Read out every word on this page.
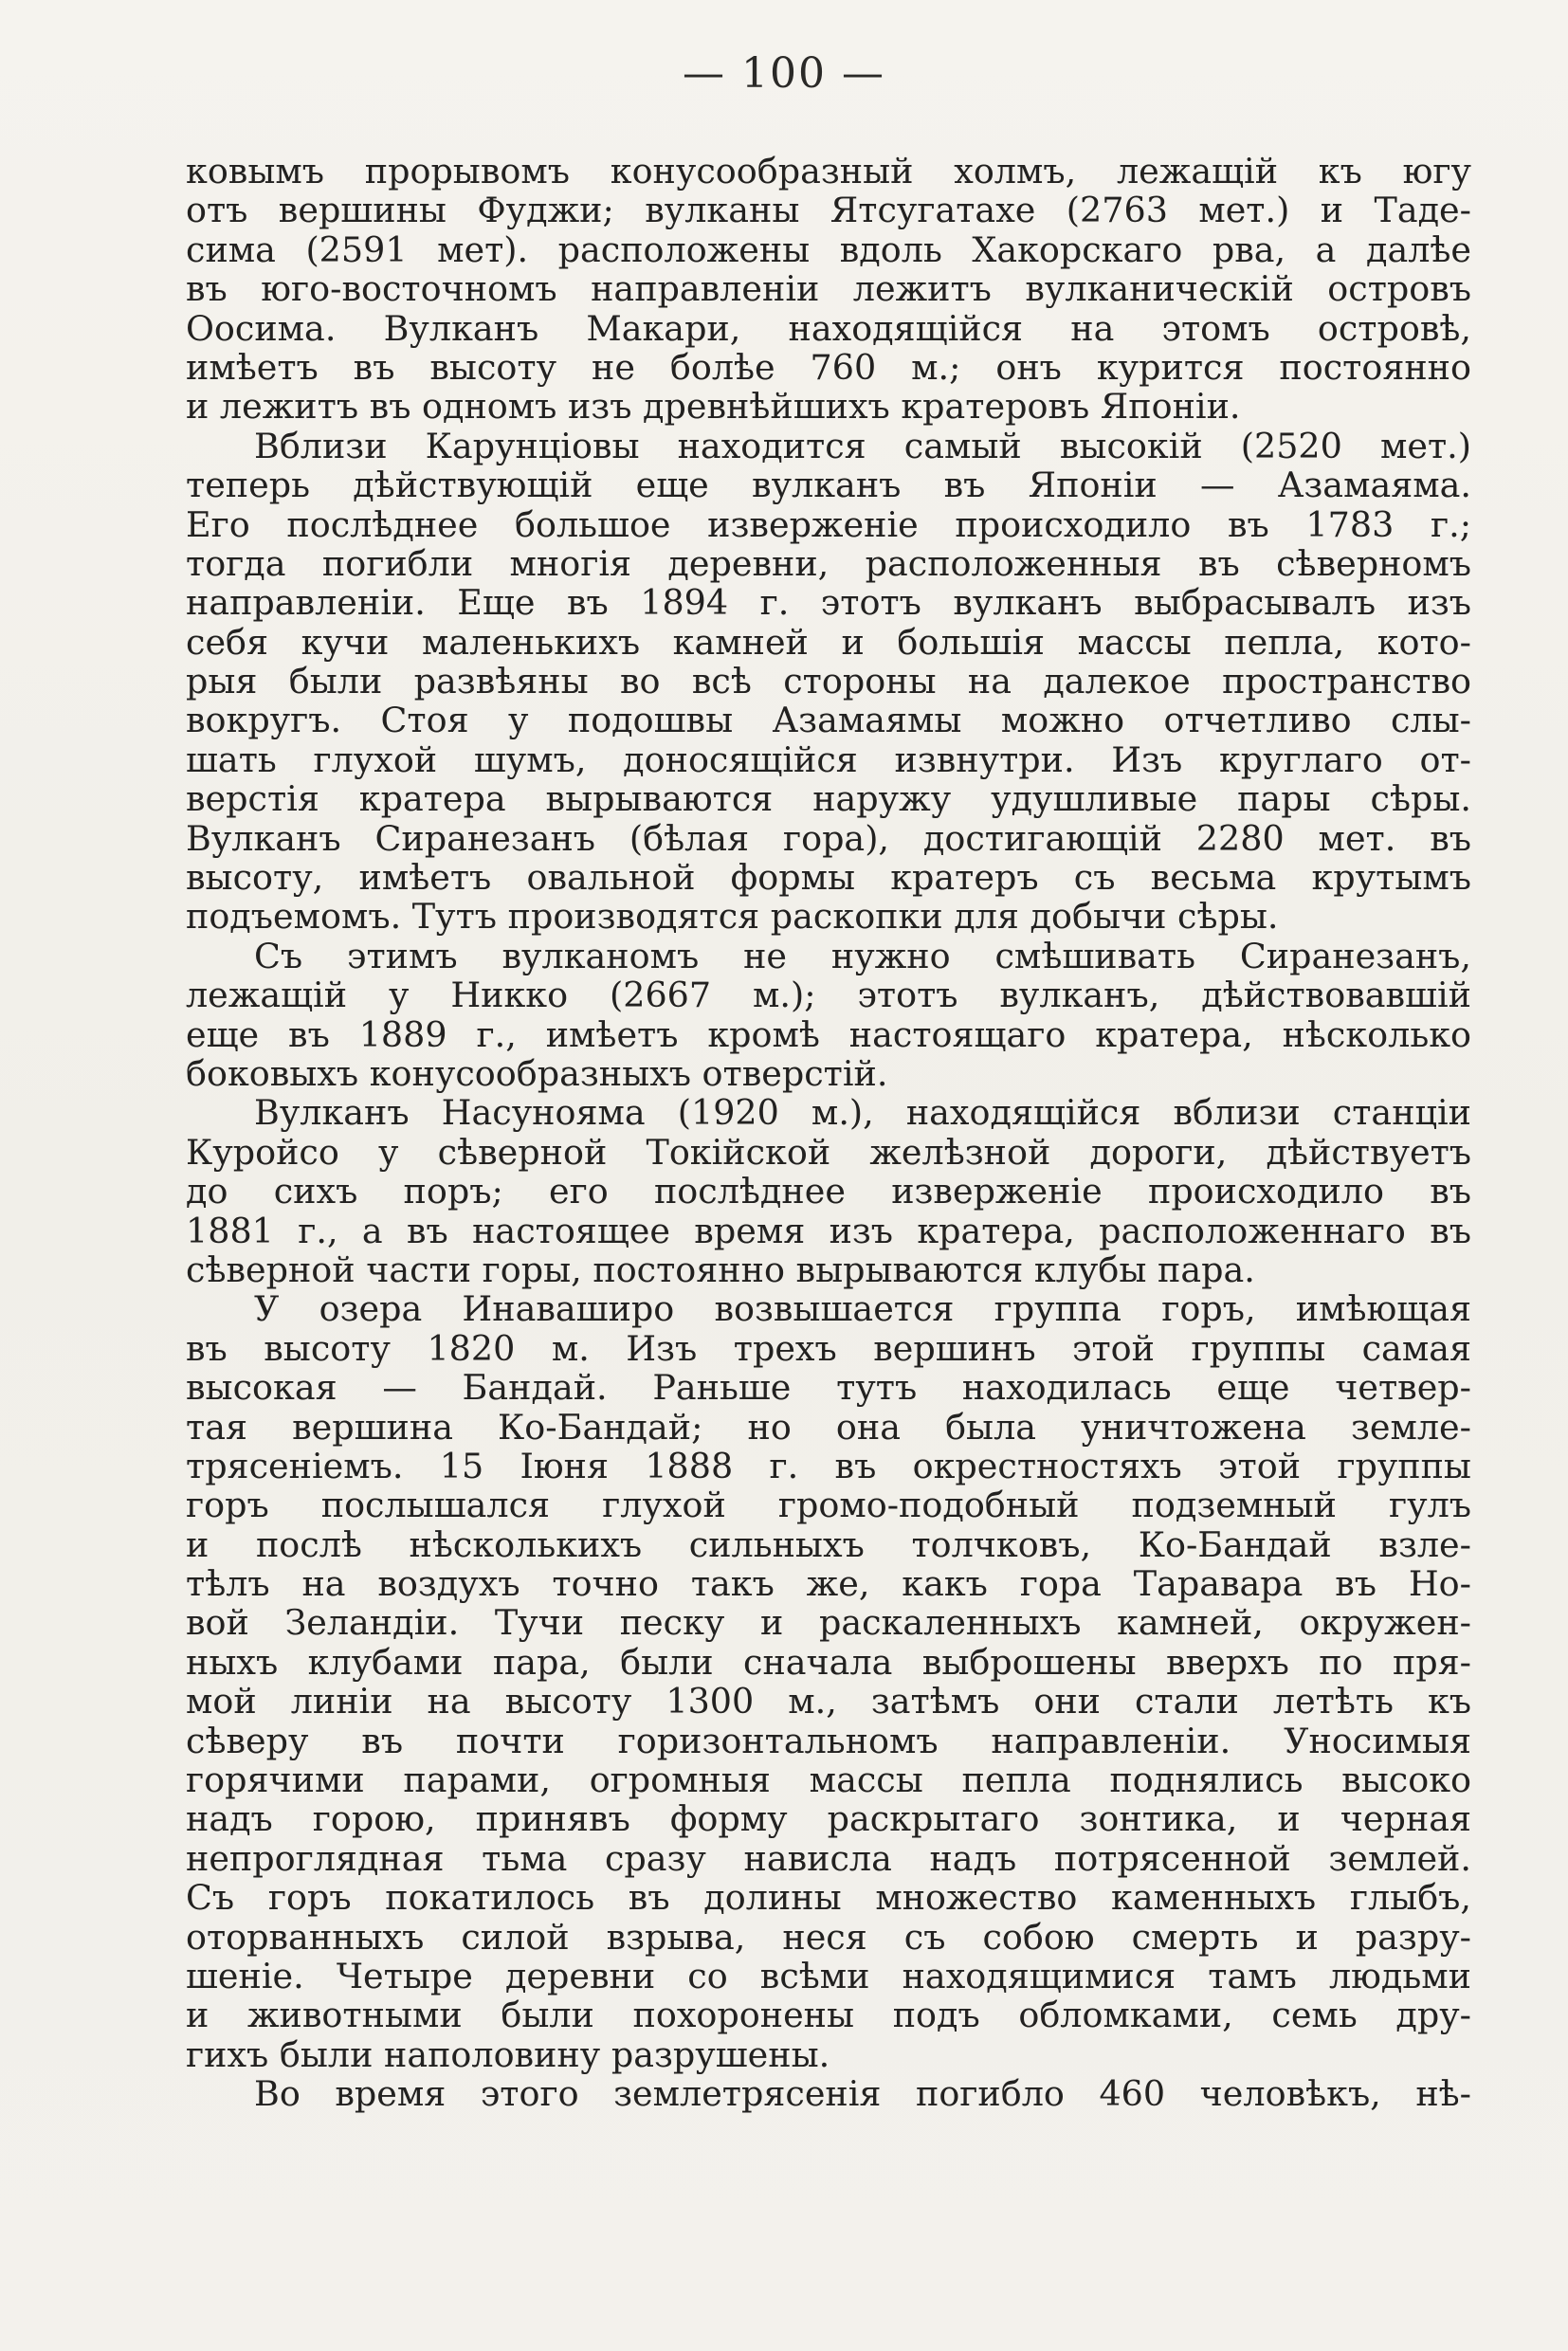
— 100 —
ковымъ прорывомъ конусообразный холмъ, лежащій къ югу
отъ вершины Фуджи; вулканы Ятсугатахе (2763 мет.) и Таде-
сима (2591 мет). расположены вдоль Хакорскаго рва, а далѣе
въ юго-восточномъ направленіи лежитъ вулканическій островъ
Оосима. Вулканъ Макари, находящійся на этомъ островѣ,
имѣетъ въ высоту не болѣе 760 м.; онъ курится постоянно
и лежитъ въ одномъ изъ древнѣйшихъ кратеровъ Японіи.
Вблизи Карунціовы находится самый высокій (2520 мет.)
теперь дѣйствующій еще вулканъ въ Японіи — Азамаяма.
Его послѣднее большое изверженіе происходило въ 1783 г.;
тогда погибли многія деревни, расположенныя въ сѣверномъ
направленіи. Еще въ 1894 г. этотъ вулканъ выбрасывалъ изъ
себя кучи маленькихъ камней и большія массы пепла, кото-
рыя были развѣяны во всѣ стороны на далекое пространство
вокругъ. Стоя у подошвы Азамаямы можно отчетливо слы-
шать глухой шумъ, доносящійся извнутри. Изъ круглаго от-
верстія кратера вырываются наружу удушливые пары сѣры.
Вулканъ Сиранезанъ (бѣлая гора), достигающій 2280 мет. въ
высоту, имѣетъ овальной формы кратеръ съ весьма крутымъ
подъемомъ. Тутъ производятся раскопки для добычи сѣры.
Съ этимъ вулканомъ не нужно смѣшивать Сиранезанъ,
лежащій у Никко (2667 м.); этотъ вулканъ, дѣйствовавшій
еще въ 1889 г., имѣетъ кромѣ настоящаго кратера, нѣсколько
боковыхъ конусообразныхъ отверстій.
Вулканъ Насунояма (1920 м.), находящійся вблизи станціи
Куройсо у сѣверной Токійской желѣзной дороги, дѣйствуетъ
до сихъ поръ; его послѣднее изверженіе происходило въ
1881 г., а въ настоящее время изъ кратера, расположеннаго въ
сѣверной части горы, постоянно вырываются клубы пара.
У озера Инаваширо возвышается группа горъ, имѣющая
въ высоту 1820 м. Изъ трехъ вершинъ этой группы самая
высокая — Бандай. Раньше тутъ находилась еще четвер-
тая вершина Ко-Бандай; но она была уничтожена земле-
трясеніемъ. 15 Іюня 1888 г. въ окрестностяхъ этой группы
горъ послышался глухой громо-подобный подземный гулъ
и послѣ нѣсколькихъ сильныхъ толчковъ, Ко-Бандай взле-
тѣлъ на воздухъ точно такъ же, какъ гора Таравара въ Но-
вой Зеландіи. Тучи песку и раскаленныхъ камней, окружен-
ныхъ клубами пара, были сначала выброшены вверхъ по пря-
мой линіи на высоту 1300 м., затѣмъ они стали летѣть къ
сѣверу въ почти горизонтальномъ направленіи. Уносимыя
горячими парами, огромныя массы пепла поднялись высоко
надъ горою, принявъ форму раскрытаго зонтика, и черная
непроглядная тьма сразу нависла надъ потрясенной землей.
Съ горъ покатилось въ долины множество каменныхъ глыбъ,
оторванныхъ силой взрыва, неся съ собою смерть и разру-
шеніе. Четыре деревни со всѣми находящимися тамъ людьми
и животными были похоронены подъ обломками, семь дру-
гихъ были наполовину разрушены.
Во время этого землетрясенія погибло 460 человѣкъ, нѣ-
